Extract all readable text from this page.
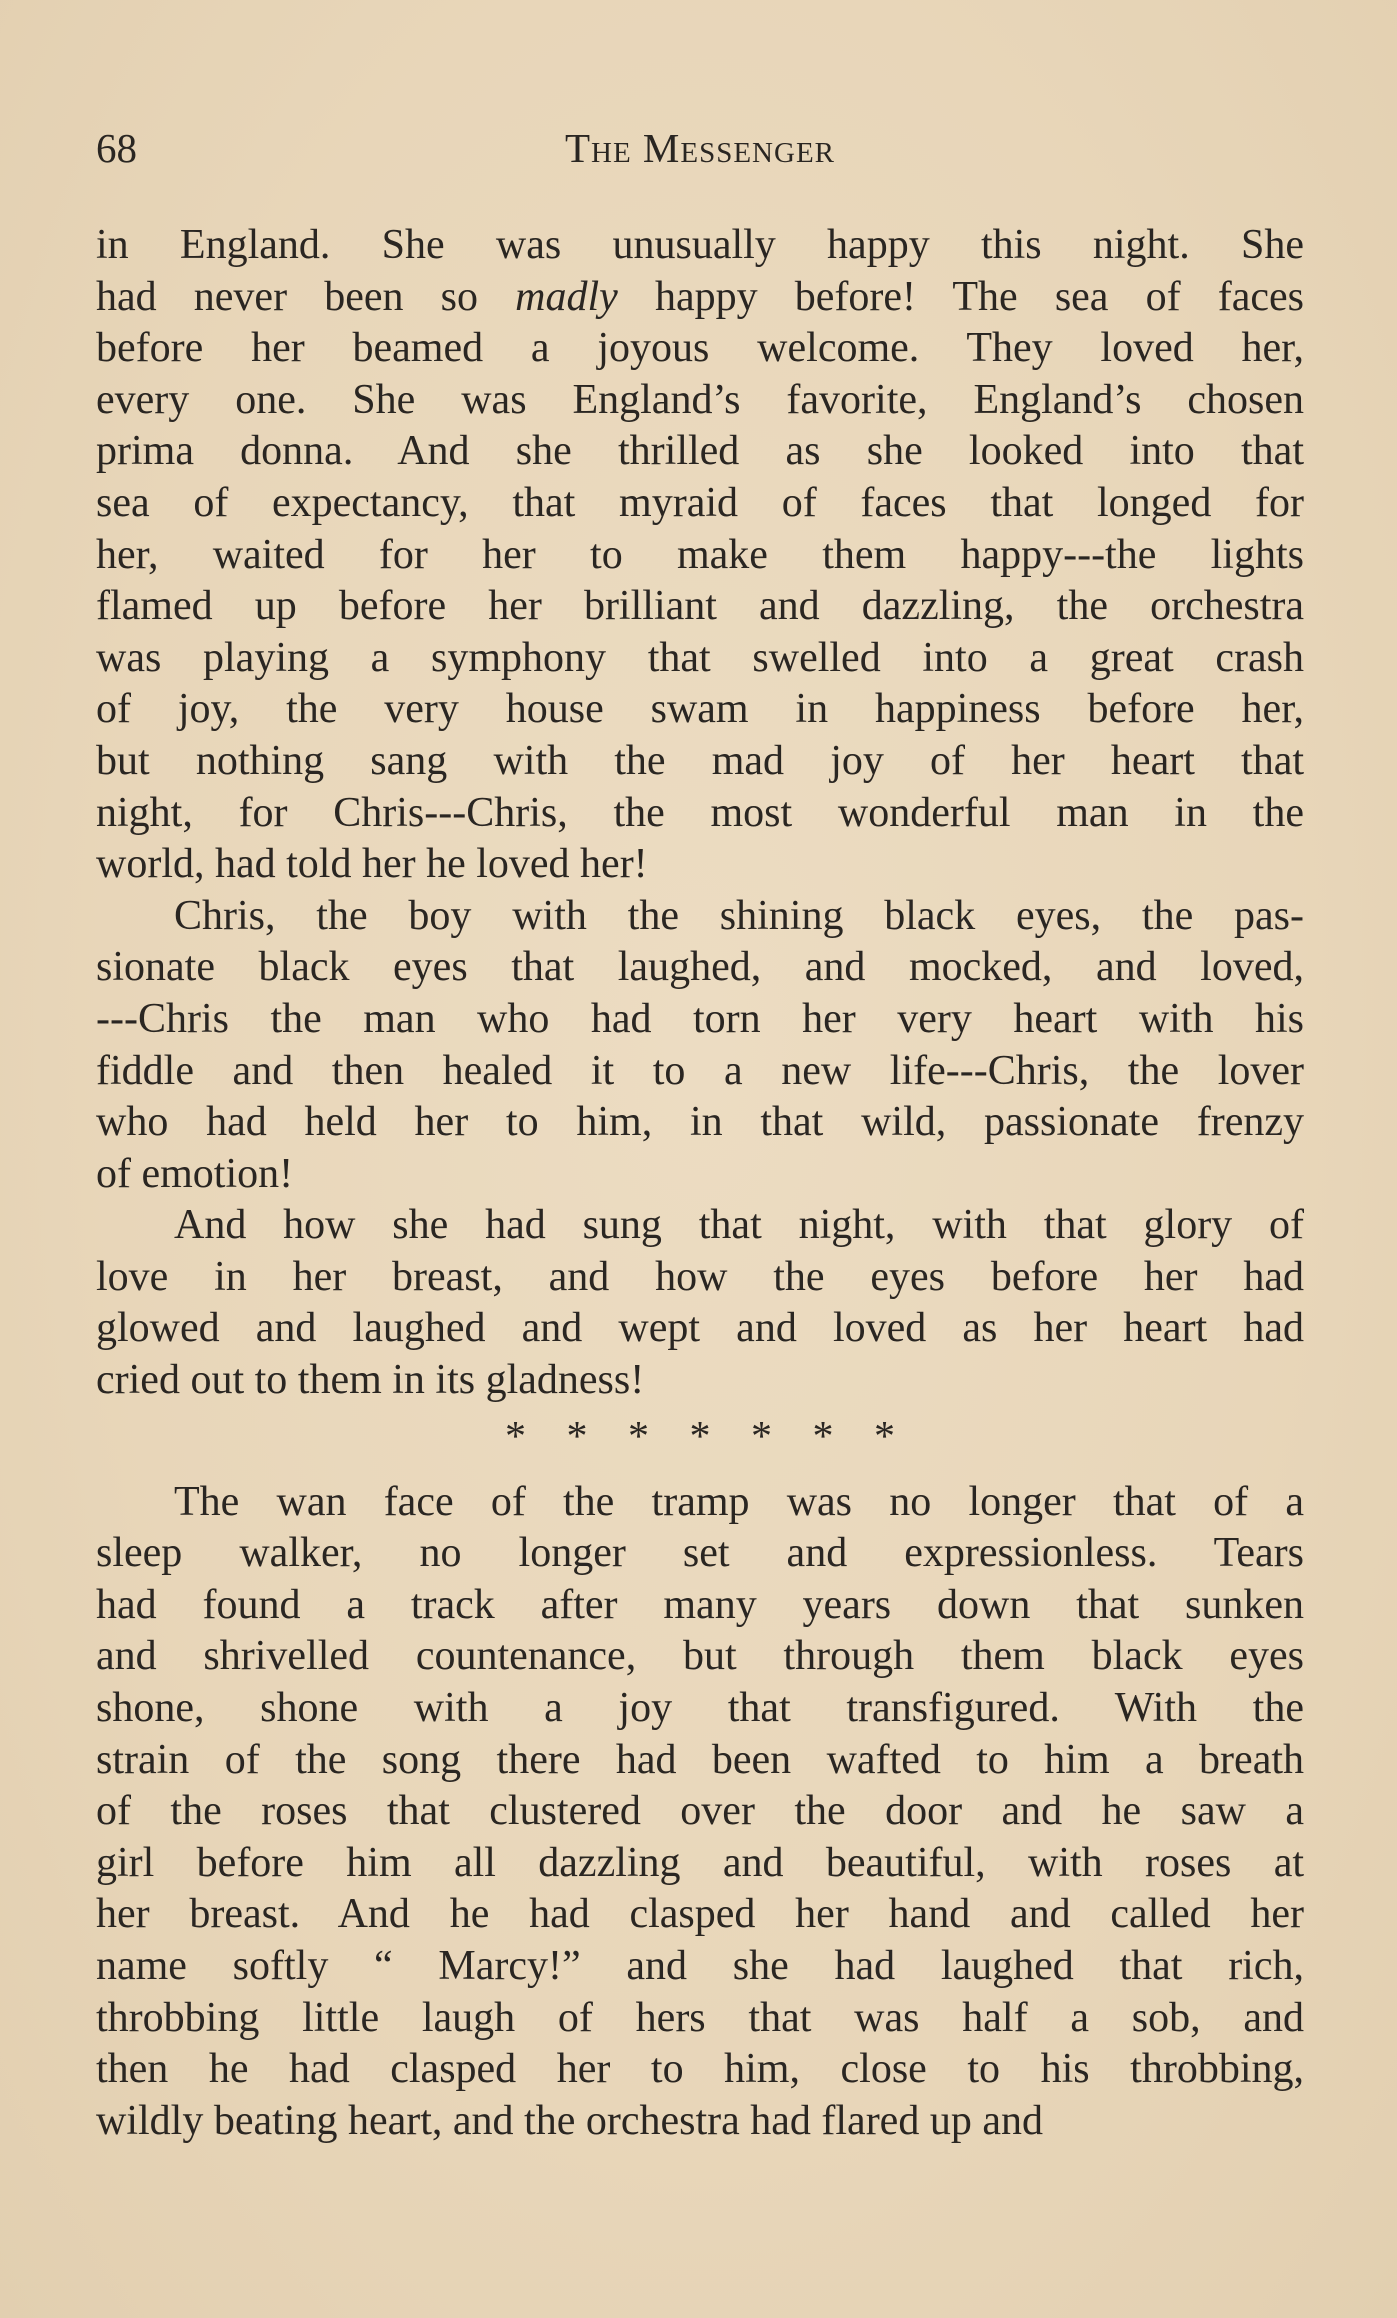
68	The Messenger
in England. She was unusually happy this night. She
had never been so madly happy before! The sea of faces
before her beamed a joyous welcome. They loved her,
every one. She was England’s favorite, England’s chosen
prima donna. And she thrilled as she looked into that
sea of expectancy, that myraid of faces that longed for
her, waited for her to make them happy---the lights
flamed up before her brilliant and dazzling, the orchestra
was playing a symphony that swelled into a great crash
of joy, the very house swam in happiness before her,
but nothing sang with the mad joy of her heart that
night, for Chris---Chris, the most wonderful man in the
world, had told her he loved her!
Chris, the boy with the shining black eyes, the pas-
sionate black eyes that laughed, and mocked, and loved,
---Chris the man who had torn her very heart with his
fiddle and then healed it to a new life---Chris, the lover
who had held her to him, in that wild, passionate frenzy
of emotion!
And how she had sung that night, with that glory of
love in her breast, and how the eyes before her had
glowed and laughed and wept and loved as her heart had
cried out to them in its gladness!
* * * * * * *
The wan face of the tramp was no longer that of a
sleep walker, no longer set and expressionless. Tears
had found a track after many years down that sunken
and shrivelled countenance, but through them black eyes
shone, shone with a joy that transfigured. With the
strain of the song there had been wafted to him a breath
of the roses that clustered over the door and he saw a
girl before him all dazzling and beautiful, with roses at
her breast. And he had clasped her hand and called her
name softly “ Marcy!” and she had laughed that rich,
throbbing little laugh of hers that was half a sob, and
then he had clasped her to him, close to his throbbing,
wildly beating heart, and the orchestra had flared up and
